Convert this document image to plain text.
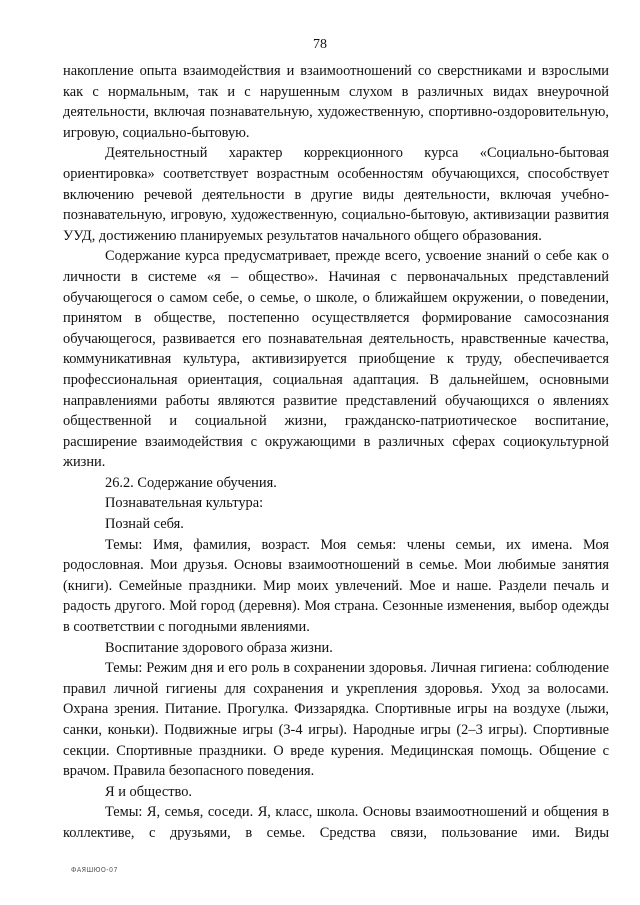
78

накопление опыта взаимодействия и взаимоотношений со сверстниками и взрослыми как с нормальным, так и с нарушенным слухом в различных видах внеурочной деятельности, включая познавательную, художественную, спортивно-оздоровительную, игровую, социально-бытовую.

Деятельностный характер коррекционного курса «Социально-бытовая ориентировка» соответствует возрастным особенностям обучающихся, способствует включению речевой деятельности в другие виды деятельности, включая учебно-познавательную, игровую, художественную, социально-бытовую, активизации развития УУД, достижению планируемых результатов начального общего образования.

Содержание курса предусматривает, прежде всего, усвоение знаний о себе как о личности в системе «я – общество». Начиная с первоначальных представлений обучающегося о самом себе, о семье, о школе, о ближайшем окружении, о поведении, принятом в обществе, постепенно осуществляется формирование самосознания обучающегося, развивается его познавательная деятельность, нравственные качества, коммуникативная культура, активизируется приобщение к труду, обеспечивается профессиональная ориентация, социальная адаптация. В дальнейшем, основными направлениями работы являются развитие представлений обучающихся о явлениях общественной и социальной жизни, гражданско-патриотическое воспитание, расширение взаимодействия с окружающими в различных сферах социокультурной жизни.

26.2. Содержание обучения.

Познавательная культура:

Познай себя.

Темы: Имя, фамилия, возраст. Моя семья: члены семьи, их имена. Моя родословная. Мои друзья. Основы взаимоотношений в семье. Мои любимые занятия (книги). Семейные праздники. Мир моих увлечений. Мое и наше. Раздели печаль и радость другого. Мой город (деревня). Моя страна. Сезонные изменения, выбор одежды в соответствии с погодными явлениями.

Воспитание здорового образа жизни.

Темы: Режим дня и его роль в сохранении здоровья. Личная гигиена: соблюдение правил личной гигиены для сохранения и укрепления здоровья. Уход за волосами. Охрана зрения. Питание. Прогулка. Физзарядка. Спортивные игры на воздухе (лыжи, санки, коньки). Подвижные игры (3-4 игры). Народные игры (2–3 игры). Спортивные секции. Спортивные праздники. О вреде курения. Медицинская помощь. Общение с врачом. Правила безопасного поведения.

Я и общество.

Темы: Я, семья, соседи. Я, класс, школа. Основы взаимоотношений и общения в коллективе, с друзьями, в семье. Средства связи, пользование ими. Виды

ФАЯШЮО-07
